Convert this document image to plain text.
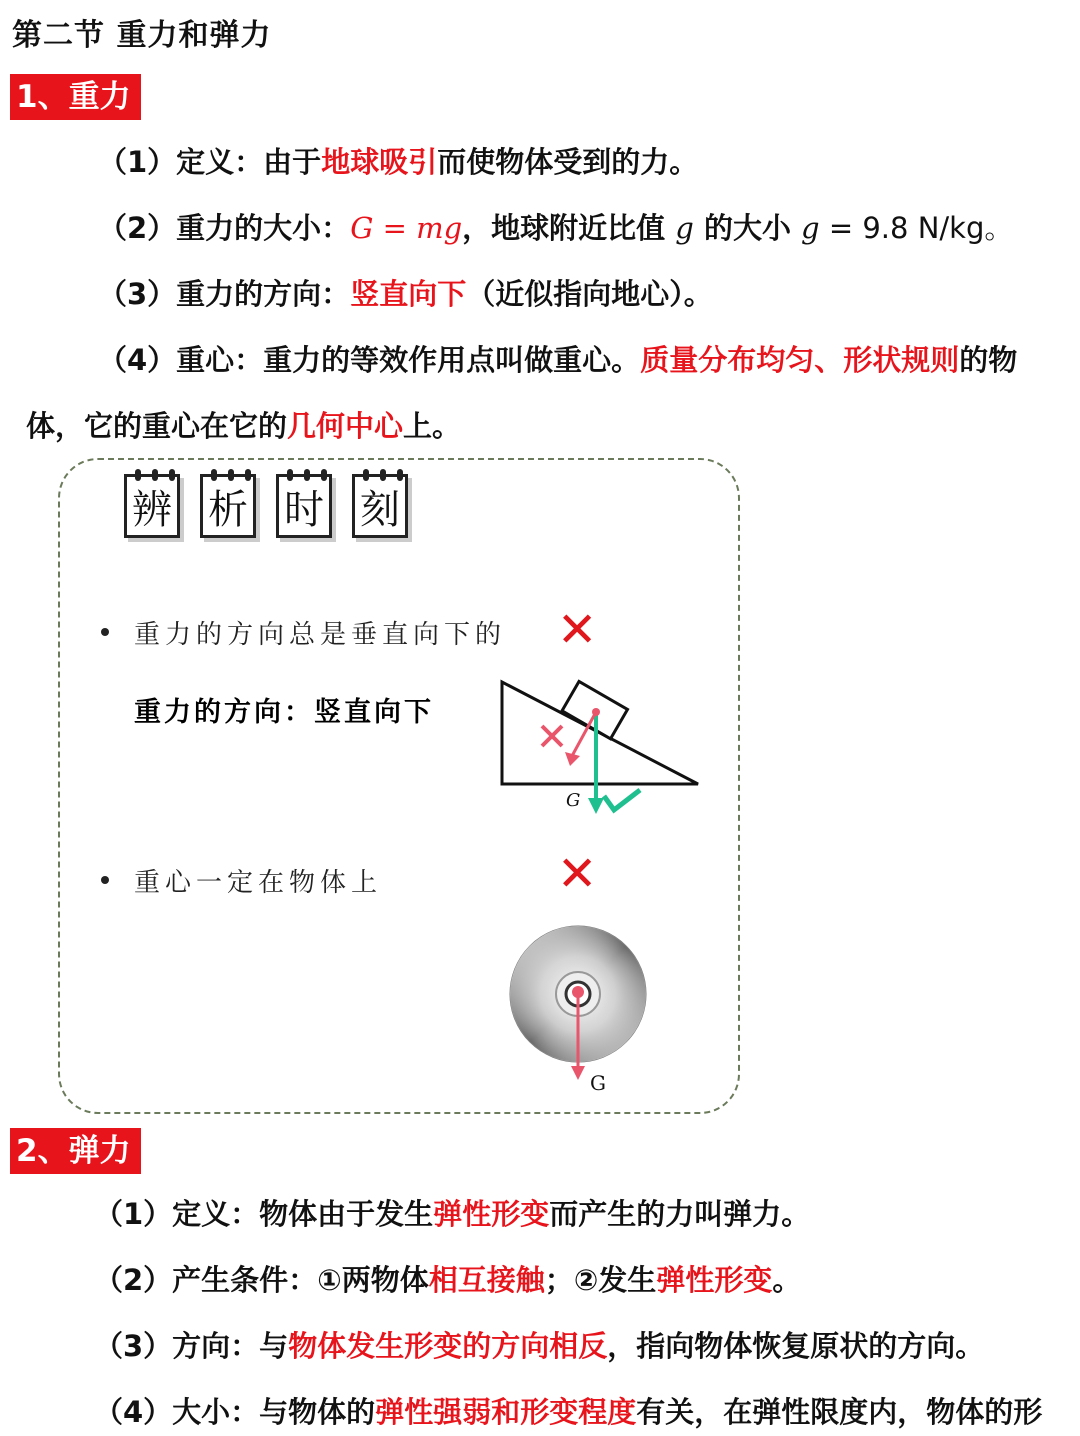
第二节 重力和弹力
1、重力
（1）定义：由于地球吸引而使物体受到的力。
（2）重力的大小：G = mg，地球附近比值 g 的大小 g = 9.8 N/kg。
（3）重力的方向：竖直向下（近似指向地心）。
（4）重心：重力的等效作用点叫做重心。质量分布均匀、形状规则的物
体，它的重心在它的几何中心上。
辨 析 时 刻
重力的方向总是垂直向下的 ✕
重力的方向：竖直向下
G
重心一定在物体上	✕
G
2、弹力
（1）定义：物体由于发生弹性形变而产生的力叫弹力。
（2）产生条件：①两物体相互接触；②发生弹性形变。
（3）方向：与物体发生形变的方向相反，指向物体恢复原状的方向。
（4）大小：与物体的弹性强弱和形变程度有关，在弹性限度内，物体的形
